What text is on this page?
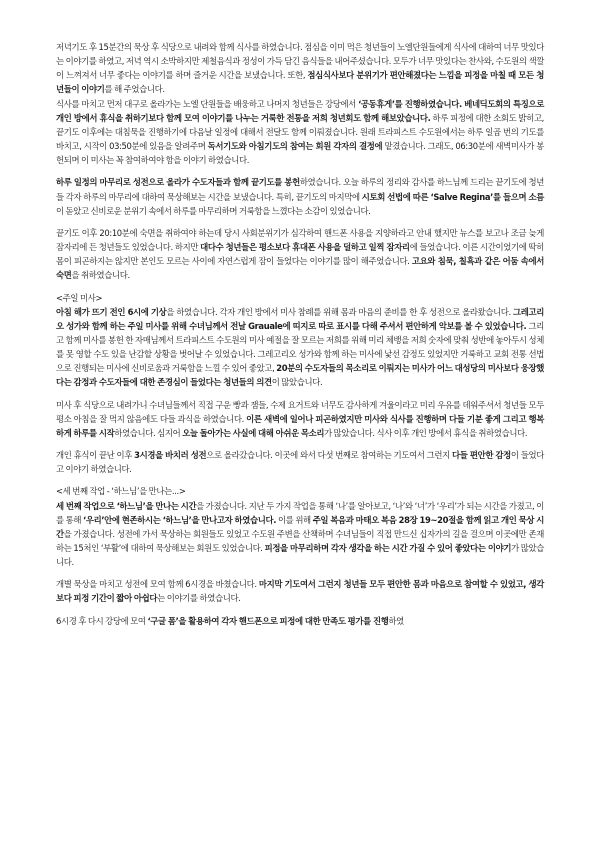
저녁기도 후 15분간의 묵상 후 식당으로 내려와 함께 식사를 하였습니다. 점심을 이미 먹은 청년들이 노엘단원들에게 식사에 대하여 너무 맛있다는 이야기를 하였고, 저녁 역시 소박하지만 제철음식과 정성이 가득 담긴 음식들을 내어주셨습니다. 모두가 너무 맛있다는 찬사와, 수도원의 색깔이 느껴져서 너무 좋다는 이야기를 하며 즐거운 시간을 보냈습니다. 또한, 점심식사보다 분위기가 편안해졌다는 느낌을 피정을 마칠 때 모든 청년들이 이야기를 해 주었습니다.

식사를 마치고 먼저 대구로 올라가는 노엘 단원들을 배웅하고 나머지 청년들은 강당에서 ‘공동휴게’를 진행하였습니다. 베네딕도회의 특징으로 개인 방에서 휴식을 취하기보다 함께 모여 이야기를 나누는 거룩한 전통을 저희 청년회도 함께 해보았습니다. 하루 피정에 대한 소회도 밝히고, 끝기도 이후에는 대침묵을 진행하기에 다음날 일정에 대해서 전달도 함께 이뤄졌습니다. 원래 트라피스트 수도원에서는 하루 일곱 번의 기도를 바치고, 시작이 03:50분에 있음을 알려주며 독서기도와 아침기도의 참여는 회원 각자의 결정에 맡겼습니다. 그래도, 06:30분에 새벽미사가 봉헌되며 이 미사는 꼭 참여하여야 함을 이야기 하였습니다.

하루 일정의 마무리로 성전으로 올라가 수도자들과 함께 끝기도를 봉헌하였습니다. 오늘 하루의 정리와 감사를 하느님께 드리는 끝기도에 청년들 각자 하루의 마무리에 대하여 묵상해보는 시간을 보냈습니다. 특히, 끝기도의 마지막에 시토회 선법에 따른 ‘Salve Regina’를 들으며 소름이 돋았고 신비로운 분위기 속에서 하루를 마무리하며 거룩함을 느꼈다는 소감이 있었습니다.

끝기도 이후 20:10분에 숙면을 취하여야 하는데 당시 사회분위기가 심각하여 핸드폰 사용을 지양하라고 안내 했지만 뉴스를 보고나 조금 늦게 잠자리에 든 청년들도 있었습니다. 하지만 대다수 청년들은 평소보다 휴대폰 사용을 덜하고 일찍 잠자리에 들었습니다. 이른 시간이었기에 딱히 몸이 피곤하지는 않지만 본인도 모르는 사이에 자연스럽게 잠이 들었다는 이야기를 많이 해주었습니다. 고요와 침묵, 칠흑과 같은 어둠 속에서 숙면을 취하였습니다.

<주일 미사>

아침 해가 뜨기 전인 6시에 기상을 하였습니다. 각자 개인 방에서 미사 참례를 위해 몸과 마음의 준비를 한 후 성전으로 올라왔습니다. 그레고리오 성가와 함께 하는 주일 미사를 위해 수녀님께서 전날 Grauale에 띠지로 따로 표시를 다해 주셔서 편안하게 악보를 볼 수 있었습니다. 그리고 함께 미사를 봉헌 한 자매님께서 트라피스트 수도원의 미사 예절을 잘 모르는 저희를 위해 미리 체뱅을 저희 숫자에 맞춰 성반에 놓아두시 성체를 못 영할 수도 있을 난감할 상황을 벗어날 수 있었습니다. 그레고리오 성가와 함께 하는 미사에 낯선 감정도 있었지만 거룩하고 교회 전통 선법으로 진행되는 미사에 신비로움과 거룩함을 느낄 수 있어 좋았고, 20분의 수도자들의 목소리로 이뤄지는 미사가 어느 대성당의 미사보다 웅장했다는 감정과 수도자들에 대한 존경심이 들었다는 청년들의 의견이 많았습니다.

미사 후 식당으로 내려가니 수녀님들께서 직접 구운 빵과 잼들, 수제 요거트와 너무도 감사하게 겨울이라고 미리 우유를 데워주셔서 청년들 모두 평소 아침을 잘 먹지 않음에도 다들 과식을 하였습니다. 이른 새벽에 일어나 피곤하였지만 미사와 식사를 진행하며 다들 기분 좋게 그리고 행복하게 하루를 시작하였습니다. 심지어 오늘 돌아가는 사실에 대해 아쉬운 목소리가 많았습니다. 식사 이후 개인 방에서 휴식을 취하였습니다.

개인 휴식이 끝난 이후 3시경을 바치러 성전으로 올라갔습니다. 이곳에 와서 다섯 번째로 참여하는 기도여서 그런지 다들 편안한 감정이 들었다고 이야기 하였습니다.

<세 번째 작업 - ‘하느님’을 만나는...>

세 번째 작업으로 ‘하느님’을 만나는 시간을 가졌습니다. 지난 두 가지 작업을 통해 ‘나’를 알아보고, ‘나’와 ‘너’가 ‘우리’가 되는 시간을 가졌고, 이를 통해 ‘우리’안에 현존하시는 ‘하느님’을 만나고자 하였습니다. 이를 위해 주일 복음과 마태오 복음 28장 19~20절을 함께 읽고 개인 묵상 시간을 가졌습니다. 성전에 가서 묵상하는 회원들도 있었고 수도원 주변을 산책하며 수녀님들이 직접 만드신 십자가의 길을 걸으며 이곳에만 존재하는 15처인 ‘부활’에 대하여 묵상해보는 회원도 있었습니다. 피정을 마무리하며 각자 생각을 하는 시간 가질 수 있어 좋았다는 이야기가 많았습니다.

개별 묵상을 마치고 성전에 모여 함께 6시경을 바쳤습니다. 마지막 기도여서 그런지 청년들 모두 편안한 몸과 마음으로 참여할 수 있었고, 생각보다 피정 기간이 짧아 아쉽다는 이야기를 하였습니다.

6시경 후 다시 강당에 모여 ‘구글 폼’을 활용하여 각자 핸드폰으로 피정에 대한 만족도 평가를 진행하였
